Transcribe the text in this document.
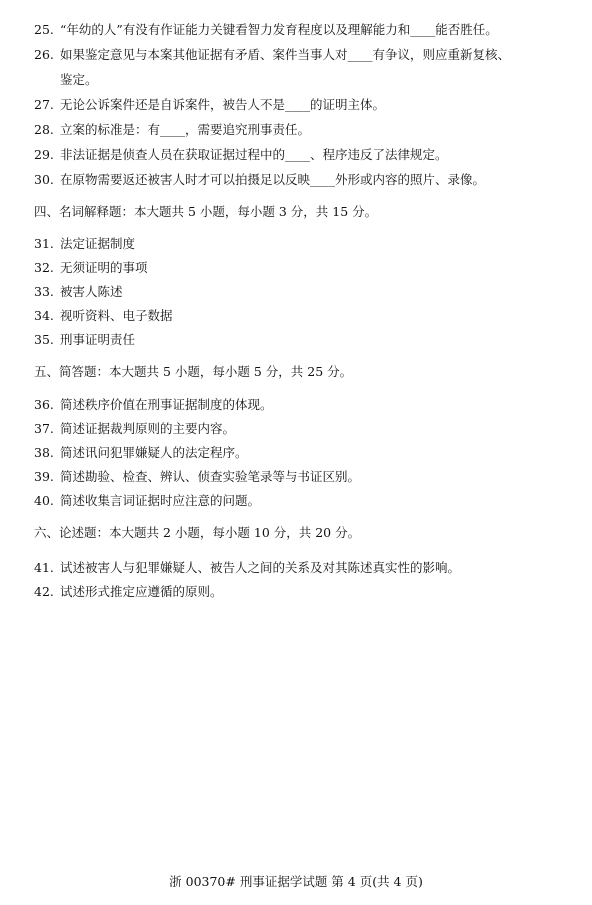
25. “年幼的人”有没有作证能力关键看智力发育程度以及理解能力和____能否胜任。
26. 如果鉴定意见与本案其他证据有矛盾、案件当事人对____有争议，则应重新复核、
鉴定。
27. 无论公诉案件还是自诉案件，被告人不是____的证明主体。
28. 立案的标准是：有____，需要追究刑事责任。
29. 非法证据是侦查人员在获取证据过程中的____、程序违反了法律规定。
30. 在原物需要返还被害人时才可以拍摄足以反映____外形或内容的照片、录像。
四、名词解释题：本大题共 5 小题，每小题 3 分，共 15 分。
31. 法定证据制度
32. 无须证明的事项
33. 被害人陈述
34. 视听资料、电子数据
35. 刑事证明责任
五、简答题：本大题共 5 小题，每小题 5 分，共 25 分。
36. 简述秩序价值在刑事证据制度的体现。
37. 简述证据裁判原则的主要内容。
38. 简述讯问犯罪嫌疑人的法定程序。
39. 简述勘验、检查、辨认、侦查实验笔录等与书证区别。
40. 简述收集言词证据时应注意的问题。
六、论述题：本大题共 2 小题，每小题 10 分，共 20 分。
41. 试述被害人与犯罪嫌疑人、被告人之间的关系及对其陈述真实性的影响。
42. 试述形式推定应遵循的原则。
浙 00370# 刑事证据学试题 第 4 页(共 4 页)
